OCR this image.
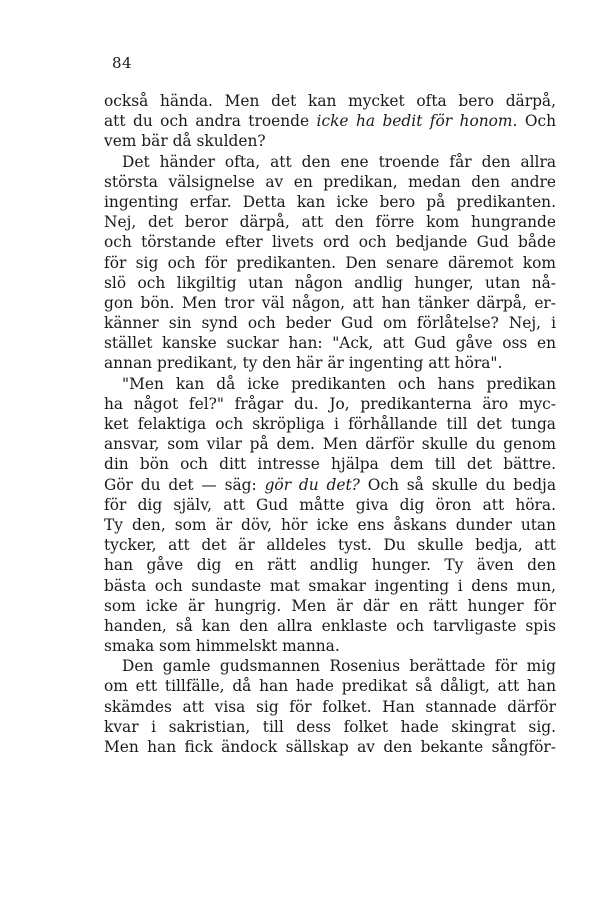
84
också hända. Men det kan mycket ofta bero därpå,
att du och andra troende icke ha bedit för honom. Och
vem bär då skulden?
Det händer ofta, att den ene troende får den allra
största välsignelse av en predikan, medan den andre
ingenting erfar. Detta kan icke bero på predikanten.
Nej, det beror därpå, att den förre kom hungrande
och törstande efter livets ord och bedjande Gud både
för sig och för predikanten. Den senare däremot kom
slö och likgiltig utan någon andlig hunger, utan nå-
gon bön. Men tror väl någon, att han tänker därpå, er-
känner sin synd och beder Gud om förlåtelse? Nej, i
stället kanske suckar han: "Ack, att Gud gåve oss en
annan predikant, ty den här är ingenting att höra".
"Men kan då icke predikanten och hans predikan
ha något fel?" frågar du. Jo, predikanterna äro myc-
ket felaktiga och skröpliga i förhållande till det tunga
ansvar, som vilar på dem. Men därför skulle du genom
din bön och ditt intresse hjälpa dem till det bättre.
Gör du det — säg: gör du det? Och så skulle du bedja
för dig själv, att Gud måtte giva dig öron att höra.
Ty den, som är döv, hör icke ens åskans dunder utan
tycker, att det är alldeles tyst. Du skulle bedja, att
han gåve dig en rätt andlig hunger. Ty även den
bästa och sundaste mat smakar ingenting i dens mun,
som icke är hungrig. Men är där en rätt hunger för
handen, så kan den allra enklaste och tarvligaste spis
smaka som himmelskt manna.
Den gamle gudsmannen Rosenius berättade för mig
om ett tillfälle, då han hade predikat så dåligt, att han
skämdes att visa sig för folket. Han stannade därför
kvar i sakristian, till dess folket hade skingrat sig.
Men han fick ändock sällskap av den bekante sångför-
